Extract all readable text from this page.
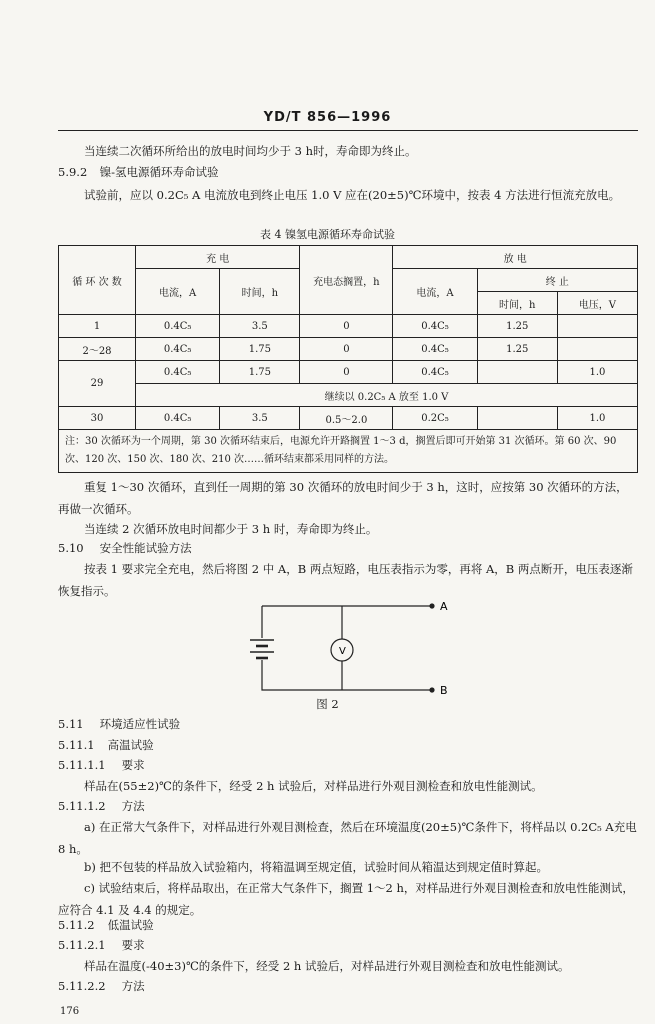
YD/T 856—1996
当连续二次循环所给出的放电时间均少于 3 h时，寿命即为终止。
5.9.2 镍-氢电源循环寿命试验
试验前，应以 0.2C₅ A 电流放电到终止电压 1.0 V 应在(20±5)℃环境中，按表 4 方法进行恒流充放电。
表 4 镍氢电源循环寿命试验
循 环 次 数	充 电		充电态搁置，h	放 电		
	电流，A	时间，h		电流，A	终 止	
					时间，h	电压，V
1	0.4C₅	3.5	0	0.4C₅	1.25	
2～28	0.4C₅	1.75	0	0.4C₅	1.25	
29	0.4C₅	1.75	0	0.4C₅		1.0
	继续以 0.2C₅ A 放至 1.0 V					
30	0.4C₅	3.5	0.5～2.0	0.2C₅		1.0
注：30 次循环为一个周期，第 30 次循环结束后，电源允许开路搁置 1～3 d，搁置后即可开始第 31 次循环。第 60 次、90 次、120 次、150 次、180 次、210 次……循环结束都采用同样的方法。						
重复 1～30 次循环，直到任一周期的第 30 次循环的放电时间少于 3 h，这时，应按第 30 次循环的方法，再做一次循环。
当连续 2 次循环放电时间都少于 3 h 时，寿命即为终止。
5.10 安全性能试验方法
按表 1 要求完全充电，然后将图 2 中 A，B 两点短路，电压表指示为零，再将 A，B 两点断开，电压表逐渐恢复指示。
V
A
B
图 2
5.11 环境适应性试验
5.11.1 高温试验
5.11.1.1 要求
样品在(55±2)℃的条件下，经受 2 h 试验后，对样品进行外观目测检查和放电性能测试。
5.11.1.2 方法
a) 在正常大气条件下，对样品进行外观目测检查，然后在环境温度(20±5)℃条件下，将样品以 0.2C₅ A充电 8 h。
b) 把不包装的样品放入试验箱内，将箱温调至规定值，试验时间从箱温达到规定值时算起。
c) 试验结束后，将样品取出，在正常大气条件下，搁置 1～2 h，对样品进行外观目测检查和放电性能测试，应符合 4.1 及 4.4 的规定。
5.11.2 低温试验
5.11.2.1 要求
样品在温度(-40±3)℃的条件下，经受 2 h 试验后，对样品进行外观目测检查和放电性能测试。
5.11.2.2 方法
176
